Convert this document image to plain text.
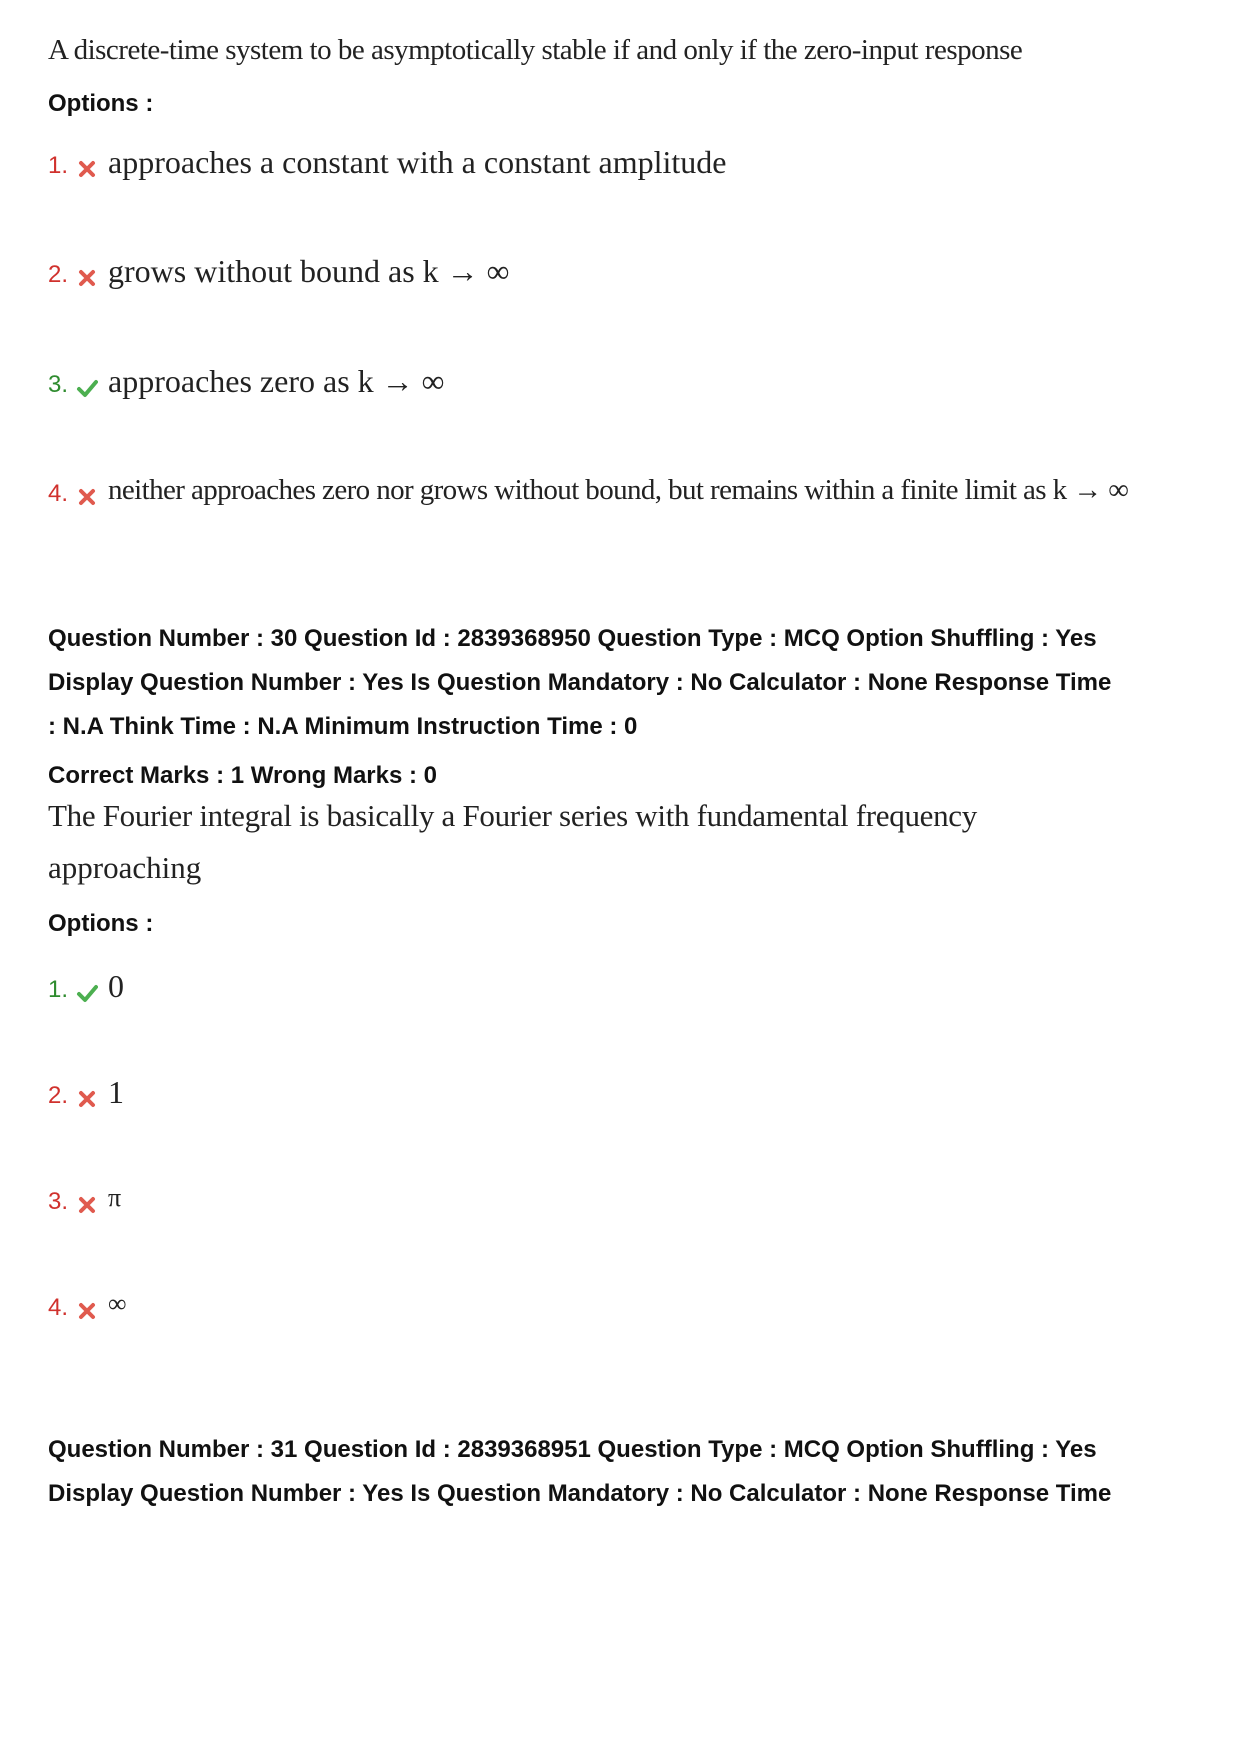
A discrete-time system to be asymptotically stable if and only if the zero-input response
Options :
1. approaches a constant with a constant amplitude
2. grows without bound as k → ∞
3. approaches zero as k → ∞
4. neither approaches zero nor grows without bound, but remains within a finite limit as k → ∞
Question Number : 30 Question Id : 2839368950 Question Type : MCQ Option Shuffling : Yes
Display Question Number : Yes Is Question Mandatory : No Calculator : None Response Time
: N.A Think Time : N.A Minimum Instruction Time : 0
Correct Marks : 1 Wrong Marks : 0
The Fourier integral is basically a Fourier series with fundamental frequency
approaching
Options :
1. 0
2. 1
3.	π
4.	∞
Question Number : 31 Question Id : 2839368951 Question Type : MCQ Option Shuffling : Yes
Display Question Number : Yes Is Question Mandatory : No Calculator : None Response Time
